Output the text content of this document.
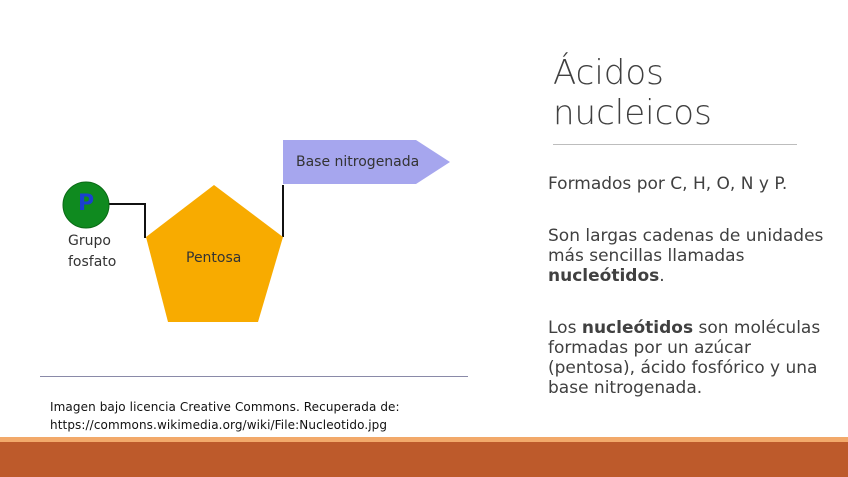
P
Grupo
fosfato	Pentosa
Base nitrogenada
Imagen bajo licencia Creative Commons. Recuperada de:
https://commons.wikimedia.org/wiki/File:Nucleotido.jpg
Ácidos
nucleicos
Formados por C, H, O, N y P.
Son largas cadenas de unidades más sencillas llamadas nucleótidos.
Los nucleótidos son moléculas formadas por un azúcar (pentosa), ácido fosfórico y una base nitrogenada.
